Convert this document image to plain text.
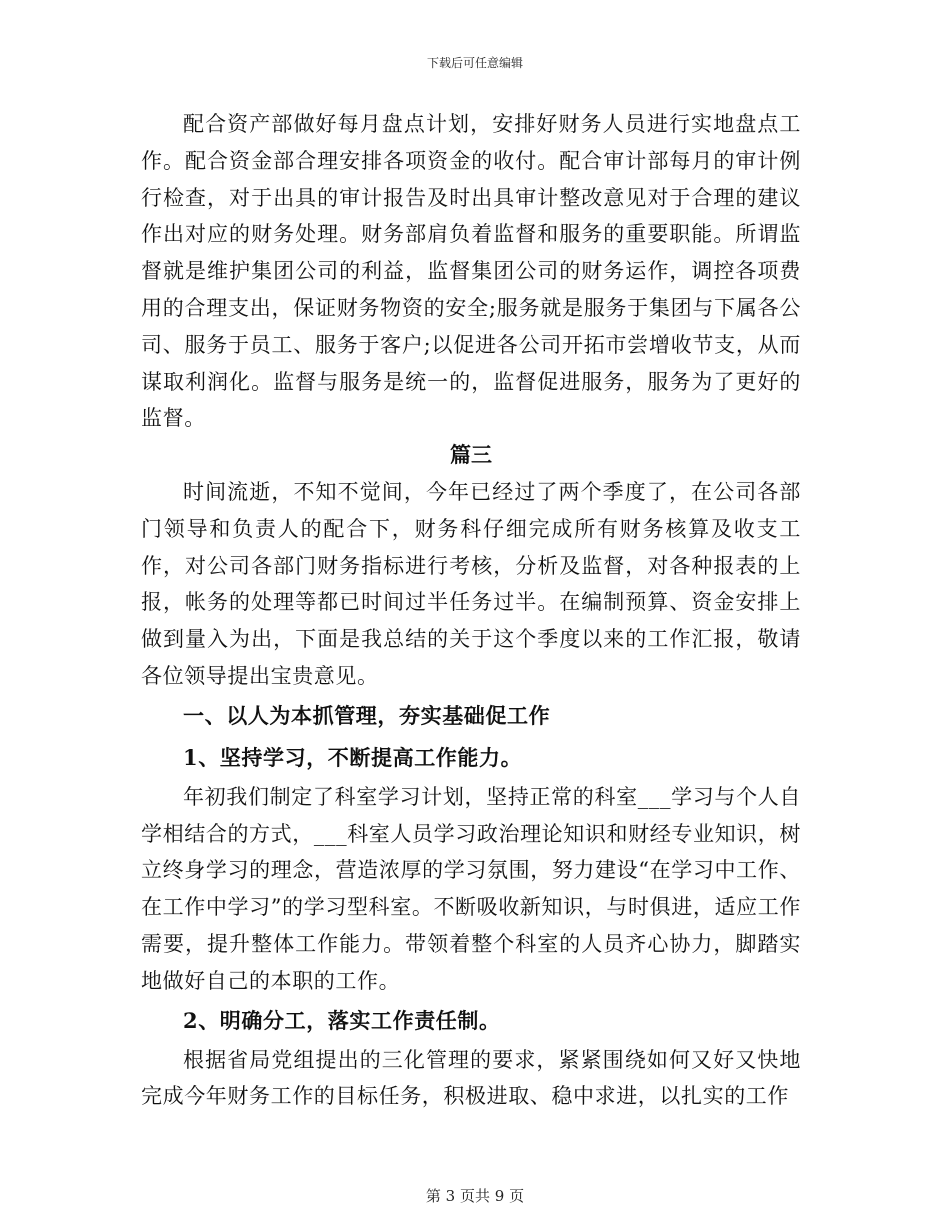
下载后可任意编辑

配合资产部做好每月盘点计划，安排好财务人员进行实地盘点工作。配合资金部合理安排各项资金的收付。配合审计部每月的审计例行检查，对于出具的审计报告及时出具审计整改意见对于合理的建议作出对应的财务处理。财务部肩负着监督和服务的重要职能。所谓监督就是维护集团公司的利益，监督集团公司的财务运作，调控各项费用的合理支出，保证财务物资的安全;服务就是服务于集团与下属各公司、服务于员工、服务于客户;以促进各公司开拓市尝增收节支，从而谋取利润化。监督与服务是统一的，监督促进服务，服务为了更好的监督。

篇三

时间流逝，不知不觉间，今年已经过了两个季度了，在公司各部门领导和负责人的配合下，财务科仔细完成所有财务核算及收支工作，对公司各部门财务指标进行考核，分析及监督，对各种报表的上报，帐务的处理等都已时间过半任务过半。在编制预算、资金安排上做到量入为出，下面是我总结的关于这个季度以来的工作汇报，敬请各位领导提出宝贵意见。

一、以人为本抓管理，夯实基础促工作

1、坚持学习，不断提高工作能力。

年初我们制定了科室学习计划，坚持正常的科室___学习与个人自学相结合的方式，___科室人员学习政治理论知识和财经专业知识，树立终身学习的理念，营造浓厚的学习氛围，努力建设“在学习中工作、在工作中学习”的学习型科室。不断吸收新知识，与时俱进，适应工作需要，提升整体工作能力。带领着整个科室的人员齐心协力，脚踏实地做好自己的本职的工作。

2、明确分工，落实工作责任制。

根据省局党组提出的三化管理的要求，紧紧围绕如何又好又快地完成今年财务工作的目标任务，积极进取、稳中求进，以扎实的工作

第 3 页共 9 页
